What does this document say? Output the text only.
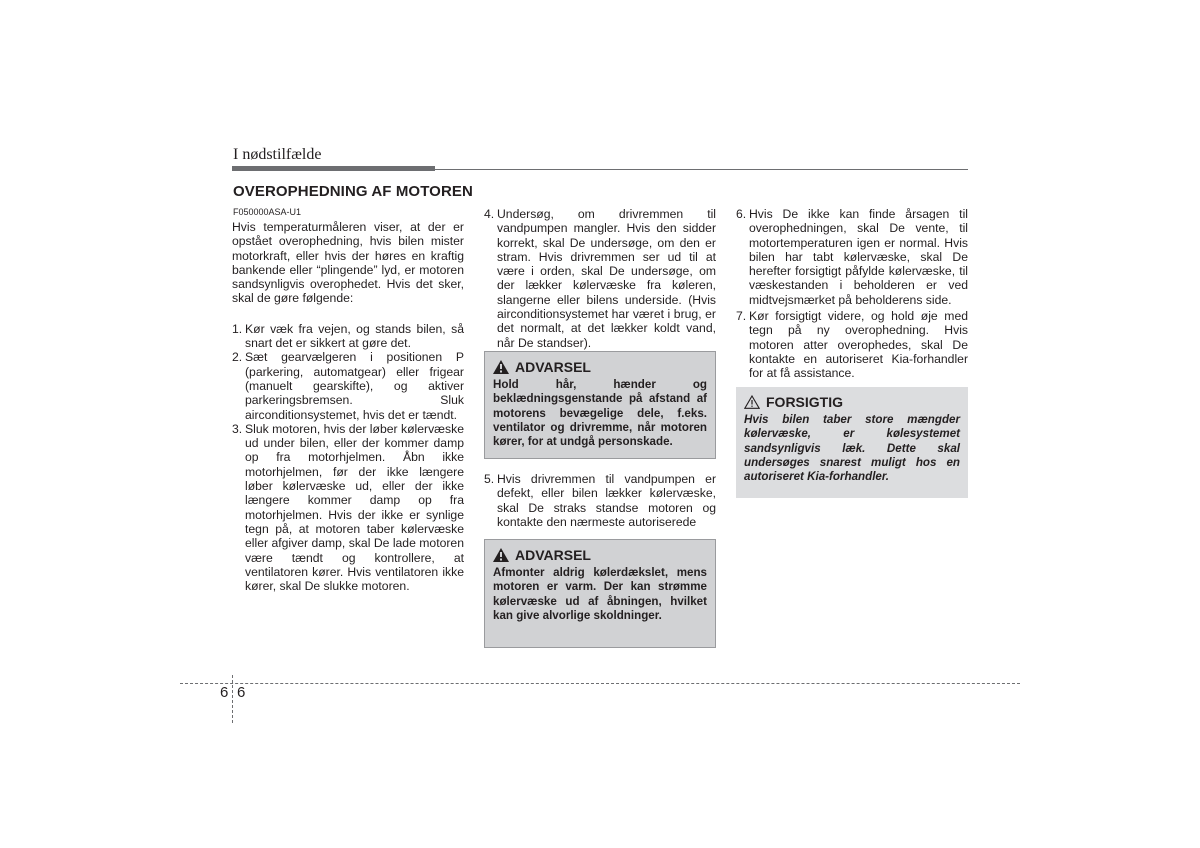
I nødstilfælde
OVEROPHEDNING AF MOTOREN
F050000ASA-U1
Hvis temperaturmåleren viser, at der er opstået overophedning, hvis bilen mister motorkraft, eller hvis der høres en kraftig bankende eller “plingende” lyd, er motoren sandsynligvis overophedet. Hvis det sker, skal de gøre følgende:
1. Kør væk fra vejen, og stands bilen, så snart det er sikkert at gøre det.
2. Sæt gearvælgeren i positionen P (parkering, automatgear) eller frigear (manuelt gearskifte), og aktiver parkeringsbremsen. Sluk airconditionsystemet, hvis det er tændt.
3. Sluk motoren, hvis der løber kølervæske ud under bilen, eller der kommer damp op fra motorhjelmen. Åbn ikke motorhjelmen, før der ikke længere løber kølervæske ud, eller der ikke længere kommer damp op fra motorhjelmen. Hvis der ikke er synlige tegn på, at motoren taber kølervæske eller afgiver damp, skal De lade motoren være tændt og kontrollere, at ventilatoren kører. Hvis ventilatoren ikke kører, skal De slukke motoren.
4. Undersøg, om drivremmen til vandpumpen mangler. Hvis den sidder korrekt, skal De undersøge, om den er stram. Hvis drivremmen ser ud til at være i orden, skal De undersøge, om der lækker kølervæske fra køleren, slangerne eller bilens underside. (Hvis airconditionsystemet har været i brug, er det normalt, at det lækker koldt vand, når De standser).
ADVARSEL
Hold hår, hænder og beklædningsgenstande på afstand af motorens bevægelige dele, f.eks. ventilator og drivremme, når motoren kører, for at undgå personskade.
5. Hvis drivremmen til vandpumpen er defekt, eller bilen lækker kølervæske, skal De straks standse motoren og kontakte den nærmeste autoriserede
ADVARSEL
Afmonter aldrig kølerdækslet, mens motoren er varm. Der kan strømme kølervæske ud af åbningen, hvilket kan give alvorlige skoldninger.
6. Hvis De ikke kan finde årsagen til overophedningen, skal De vente, til motortemperaturen igen er normal. Hvis bilen har tabt kølervæske, skal De herefter forsigtigt påfylde kølervæske, til væskestanden i beholderen er ved midtvejsmærket på beholderens side.
7. Kør forsigtigt videre, og hold øje med tegn på ny overophedning. Hvis motoren atter overophedes, skal De kontakte en autoriseret Kia-forhandler for at få assistance.
FORSIGTIG
Hvis bilen taber store mængder kølervæske, er kølesystemet sandsynligvis læk. Dette skal undersøges snarest muligt hos en autoriseret Kia-forhandler.
6 6
